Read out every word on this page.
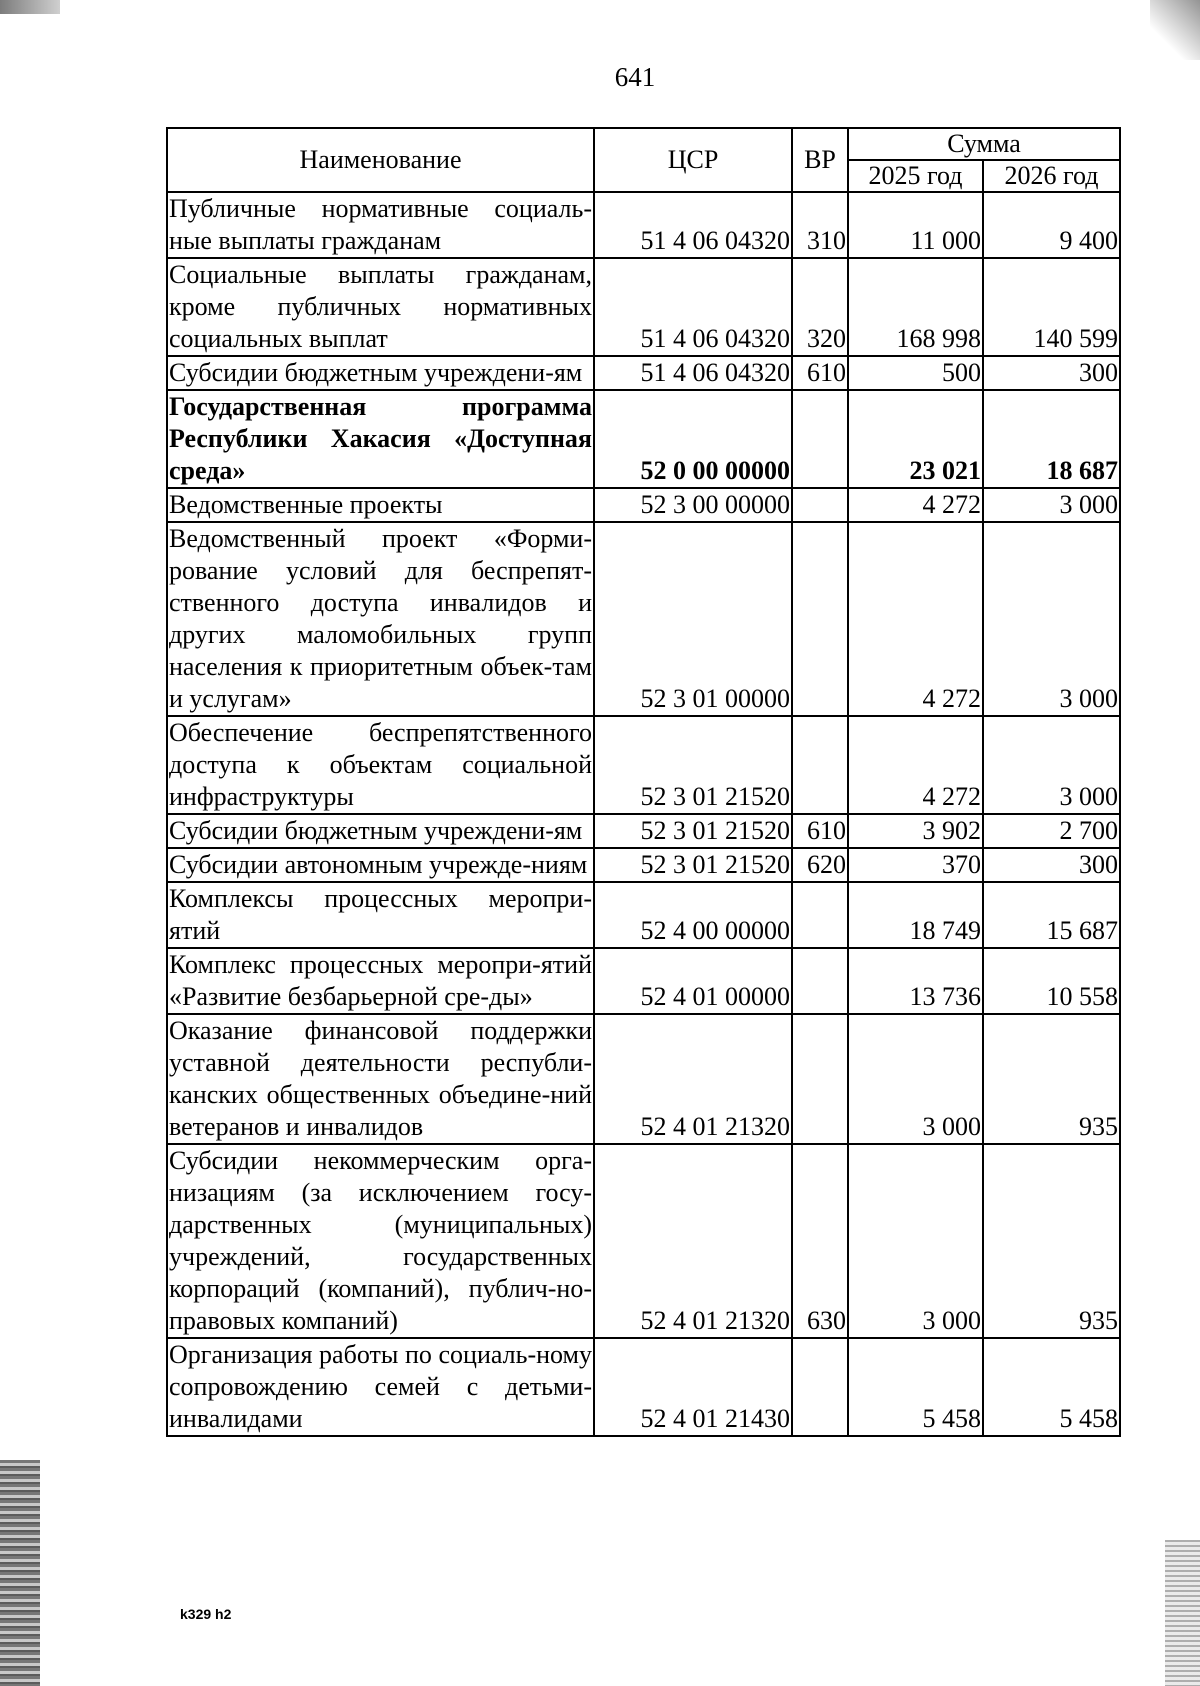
641
Наименование	ЦСР	ВР	Сумма	
			2025 год	2026 год
Публичные нормативные социаль-ные выплаты гражданам	51 4 06 04320	310	11 000	9 400
Социальные выплаты гражданам, кроме публичных нормативных социальных выплат	51 4 06 04320	320	168 998	140 599
Субсидии бюджетным учреждени-ям	51 4 06 04320	610	500	300
Государственная программа Республики Хакасия «Доступная среда»	52 0 00 00000		23 021	18 687
Ведомственные проекты	52 3 00 00000		4 272	3 000
Ведомственный проект «Форми-рование условий для беспрепят-ственного доступа инвалидов и других маломобильных групп населения к приоритетным объек-там и услугам»	52 3 01 00000		4 272	3 000
Обеспечение беспрепятственного доступа к объектам социальной инфраструктуры	52 3 01 21520		4 272	3 000
Субсидии бюджетным учреждени-ям	52 3 01 21520	610	3 902	2 700
Субсидии автономным учрежде-ниям	52 3 01 21520	620	370	300
Комплексы процессных меропри-ятий	52 4 00 00000		18 749	15 687
Комплекс процессных меропри-ятий «Развитие безбарьерной сре-ды»	52 4 01 00000		13 736	10 558
Оказание финансовой поддержки уставной деятельности республи-канских общественных объедине-ний ветеранов и инвалидов	52 4 01 21320		3 000	935
Субсидии некоммерческим орга-низациям (за исключением госу-дарственных (муниципальных) учреждений, государственных корпораций (компаний), публич-но-правовых компаний)	52 4 01 21320	630	3 000	935
Организация работы по социаль-ному сопровождению семей с детьми-инвалидами	52 4 01 21430		5 458	5 458
k329 h2
